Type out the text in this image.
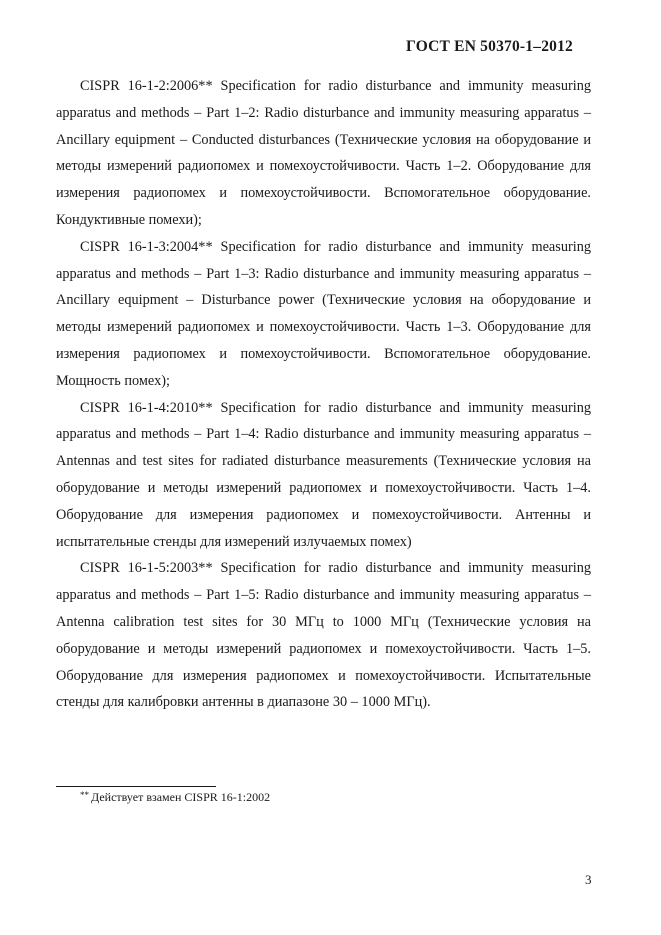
ГОСТ EN 50370-1–2012

CISPR 16-1-2:2006** Specification for radio disturbance and immunity measuring apparatus and methods – Part 1–2: Radio disturbance and immunity measuring apparatus – Ancillary equipment – Conducted disturbances (Технические условия на оборудование и методы измерений радиопомех и помехоустойчивости. Часть 1–2. Оборудование для измерения радиопомех и помехоустойчивости. Вспомогательное оборудование. Кондуктивные помехи);

CISPR 16-1-3:2004** Specification for radio disturbance and immunity measuring apparatus and methods – Part 1–3: Radio disturbance and immunity measuring apparatus – Ancillary equipment – Disturbance power (Технические условия на оборудование и методы измерений радиопомех и помехоустойчивости. Часть 1–3. Оборудование для измерения радиопомех и помехоустойчивости. Вспомогательное оборудование. Мощность помех);

CISPR 16-1-4:2010** Specification for radio disturbance and immunity measuring apparatus and methods – Part 1–4: Radio disturbance and immunity measuring apparatus – Antennas and test sites for radiated disturbance measurements (Технические условия на оборудование и методы измерений радиопомех и помехоустойчивости. Часть 1–4. Оборудование для измерения радиопомех и помехоустойчивости. Антенны и испытательные стенды для измерений излучаемых помех)

CISPR 16-1-5:2003** Specification for radio disturbance and immunity measuring apparatus and methods – Part 1–5: Radio disturbance and immunity measuring apparatus – Antenna calibration test sites for 30 МГц to 1000 МГц (Технические условия на оборудование и методы измерений радиопомех и помехоустойчивости. Часть 1–5. Оборудование для измерения радиопомех и помехоустойчивости. Испытательные стенды для калибровки антенны в диапазоне 30 – 1000 МГц).

** Действует взамен CISPR 16-1:2002
3
